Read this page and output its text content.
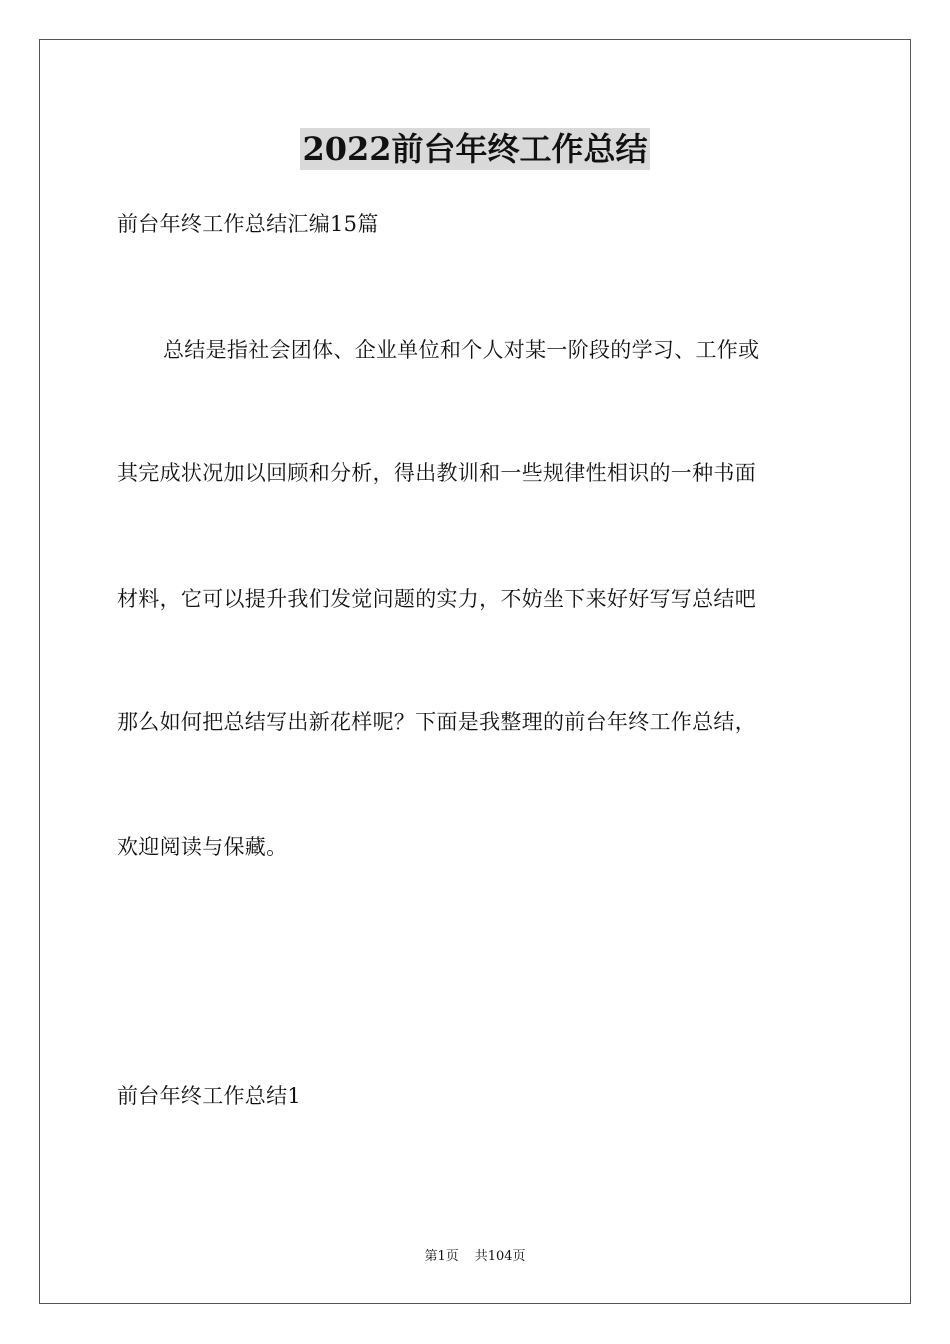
2022前台年终工作总结
前台年终工作总结汇编15篇
总结是指社会团体、企业单位和个人对某一阶段的学习、工作或
其完成状况加以回顾和分析，得出教训和一些规律性相识的一种书面
材料，它可以提升我们发觉问题的实力，不妨坐下来好好写写总结吧
那么如何把总结写出新花样呢？下面是我整理的前台年终工作总结，
欢迎阅读与保藏。
前台年终工作总结1
第1页 共104页
